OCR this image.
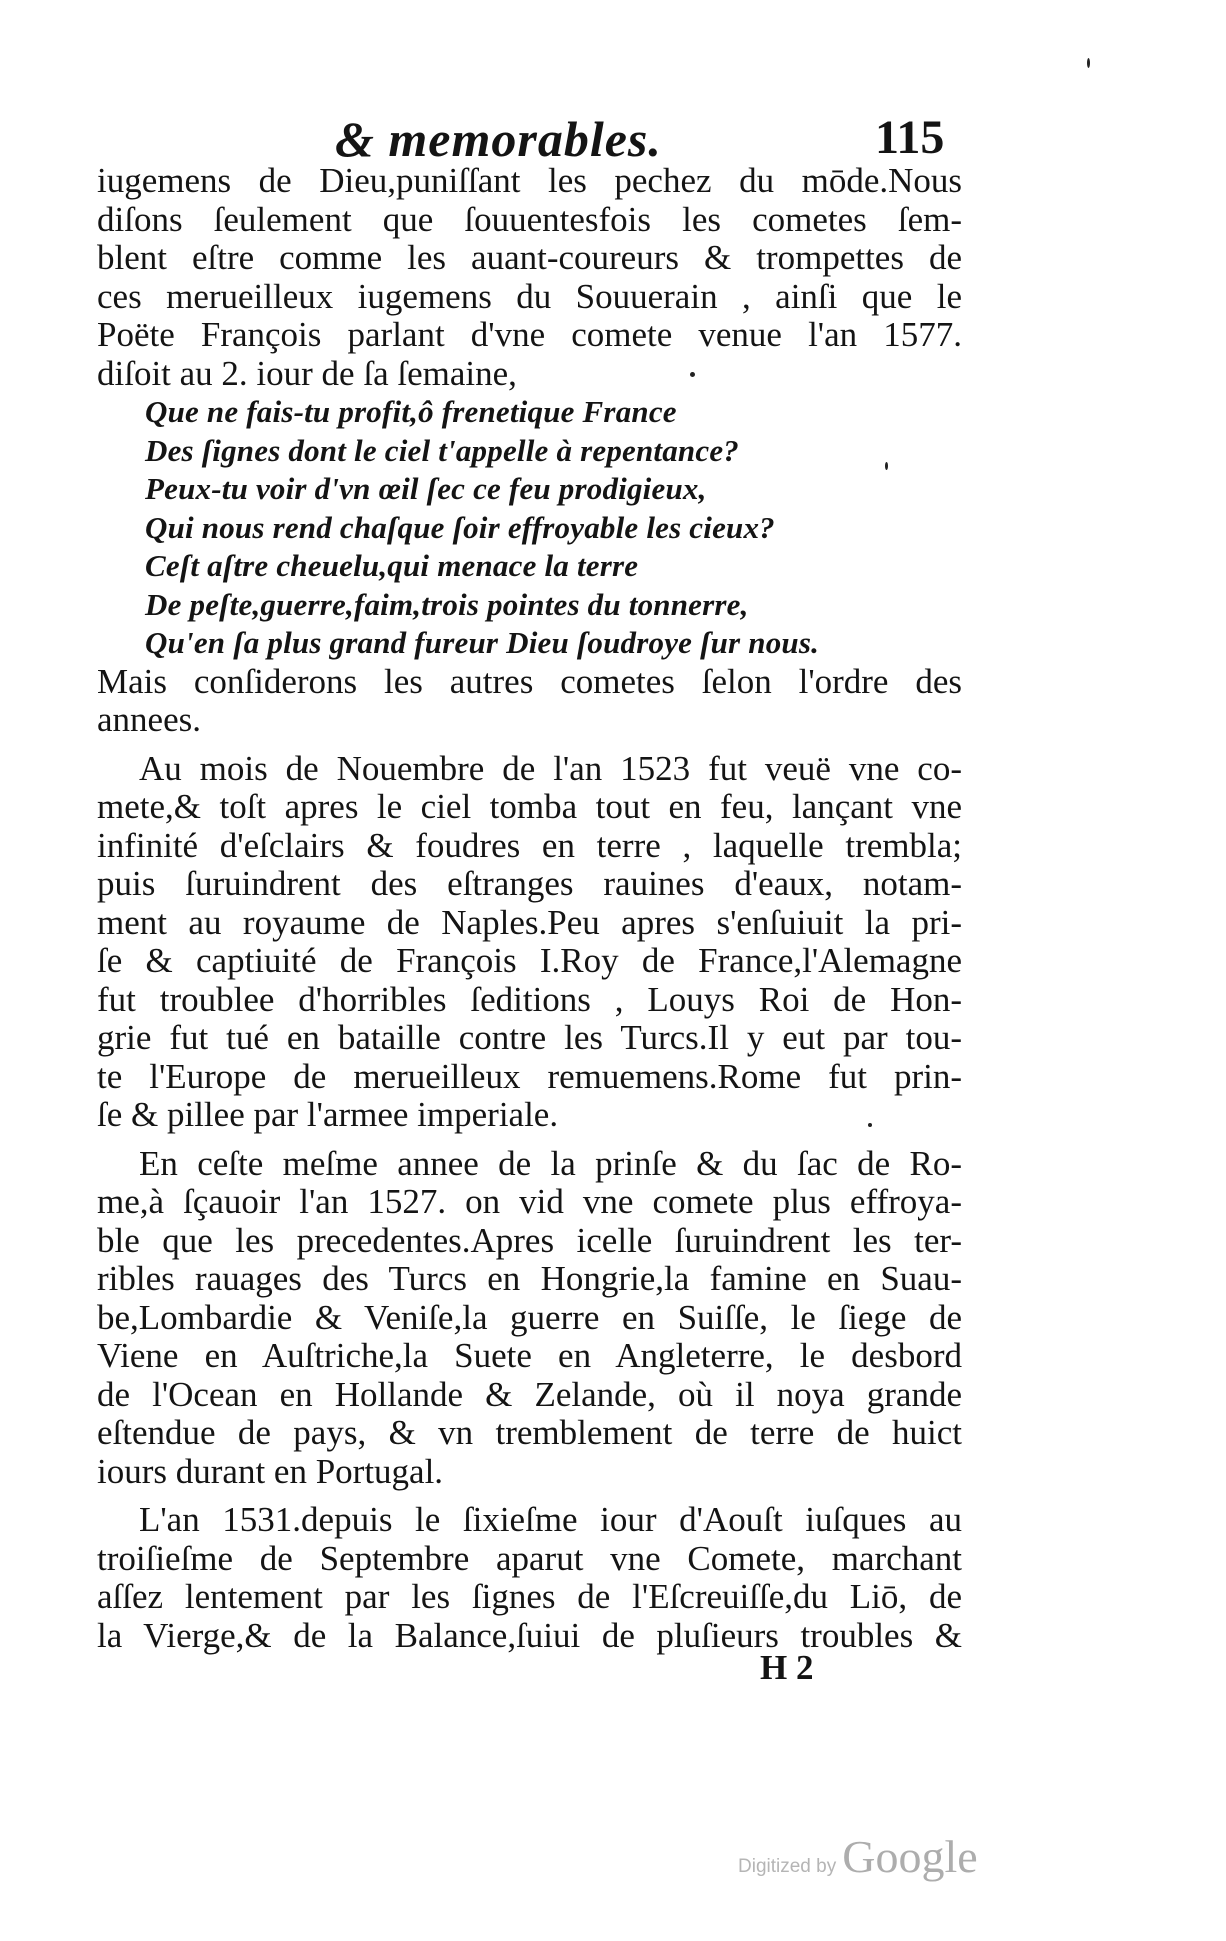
& memorables.	115
iugemens de Dieu,puniſſant les pechez du mōde.Nous
diſons ſeulement que ſouuentesfois les cometes ſem-
blent eſtre comme les auant-coureurs & trompettes de
ces merueilleux iugemens du Souuerain , ainſi que le
Poëte François parlant d'vne comete venue l'an 1577.
diſoit au 2. iour de ſa ſemaine,
Que ne fais-tu profit,ô frenetique France
Des ſignes dont le ciel t'appelle à repentance?
Peux-tu voir d'vn œil ſec ce feu prodigieux,
Qui nous rend chaſque ſoir effroyable les cieux?
Ceſt aſtre cheuelu,qui menace la terre
De peſte,guerre,faim,trois pointes du tonnerre,
Qu'en ſa plus grand fureur Dieu ſoudroye ſur nous.
Mais conſiderons les autres cometes ſelon l'ordre des
annees.
Au mois de Nouembre de l'an 1523 fut veuë vne co-
mete,& toſt apres le ciel tomba tout en feu, lançant vne
infinité d'eſclairs & foudres en terre , laquelle trembla;
puis ſuruindrent des eſtranges rauines d'eaux, notam-
ment au royaume de Naples.Peu apres s'enſuiuit la pri-
ſe & captiuité de François I.Roy de France,l'Alemagne
fut troublee d'horribles ſeditions , Louys Roi de Hon-
grie fut tué en bataille contre les Turcs.Il y eut par tou-
te l'Europe de merueilleux remuemens.Rome fut prin-
ſe & pillee par l'armee imperiale.
En ceſte meſme annee de la prinſe & du ſac de Ro-
me,à ſçauoir l'an 1527. on vid vne comete plus effroya-
ble que les precedentes.Apres icelle ſuruindrent les ter-
ribles rauages des Turcs en Hongrie,la famine en Suau-
be,Lombardie & Veniſe,la guerre en Suiſſe, le ſiege de
Viene en Auſtriche,la Suete en Angleterre, le desbord
de l'Ocean en Hollande & Zelande, où il noya grande
eſtendue de pays, & vn tremblement de terre de huict
iours durant en Portugal.
L'an 1531.depuis le ſixieſme iour d'Aouſt iuſques au
troiſieſme de Septembre aparut vne Comete, marchant
aſſez lentement par les ſignes de l'Eſcreuiſſe,du Liō, de
la Vierge,& de la Balance,ſuiui de pluſieurs troubles &
H 2
Digitized by Google
